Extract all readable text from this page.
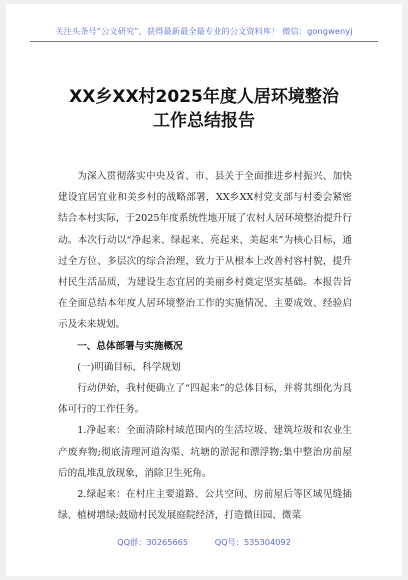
关注头条号“公文研究”，获得最新最全最专业的公文资料库！ 微信：gongwenyj
XX乡XX村2025年度人居环境整治工作总结报告

为深入贯彻落实中央及省、市、县关于全面推进乡村振兴、加快建设宜居宜业和美乡村的战略部署，XX乡XX村党支部与村委会紧密结合本村实际，于2025年度系统性地开展了农村人居环境整治提升行动。本次行动以“净起来、绿起来、亮起来、美起来”为核心目标，通过全方位、多层次的综合治理，致力于从根本上改善村容村貌，提升村民生活品质，为建设生态宜居的美丽乡村奠定坚实基础。本报告旨在全面总结本年度人居环境整治工作的实施情况、主要成效、经验启示及未来规划。

一、总体部署与实施概况

(一)明确目标，科学规划

行动伊始，我村便确立了“四起来”的总体目标，并将其细化为具体可行的工作任务。

1.净起来：全面清除村域范围内的生活垃圾、建筑垃圾和农业生产废弃物;彻底清理河道沟渠、坑塘的淤泥和漂浮物;集中整治房前屋后的乱堆乱放现象，消除卫生死角。

2.绿起来：在村庄主要道路、公共空间、房前屋后等区域见缝插绿、植树增绿;鼓励村民发展庭院经济，打造微田园、微菜

QQ群：30265665	QQ号：535304092
